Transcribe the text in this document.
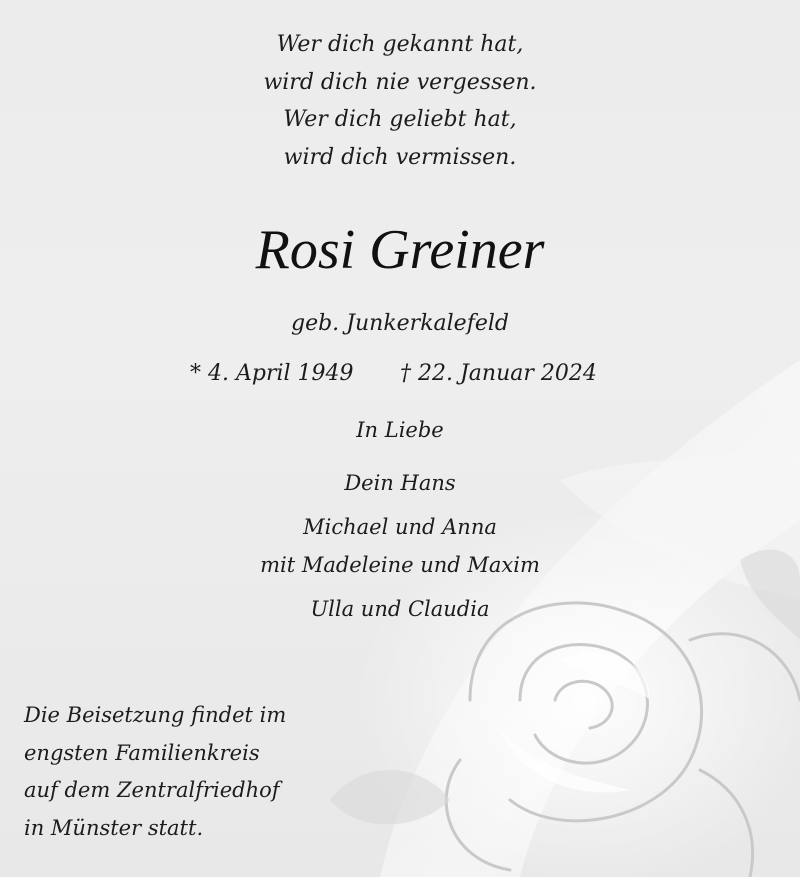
Wer dich gekannt hat,
wird dich nie vergessen.
Wer dich geliebt hat,
wird dich vermissen.
Rosi Greiner
geb. Junkerkalefeld
* 4. April 1949 † 22. Januar 2024
In Liebe
Dein Hans
Michael und Anna
mit Madeleine und Maxim
Ulla und Claudia
Die Beisetzung findet im
engsten Familienkreis
auf dem Zentralfriedhof
in Münster statt.
